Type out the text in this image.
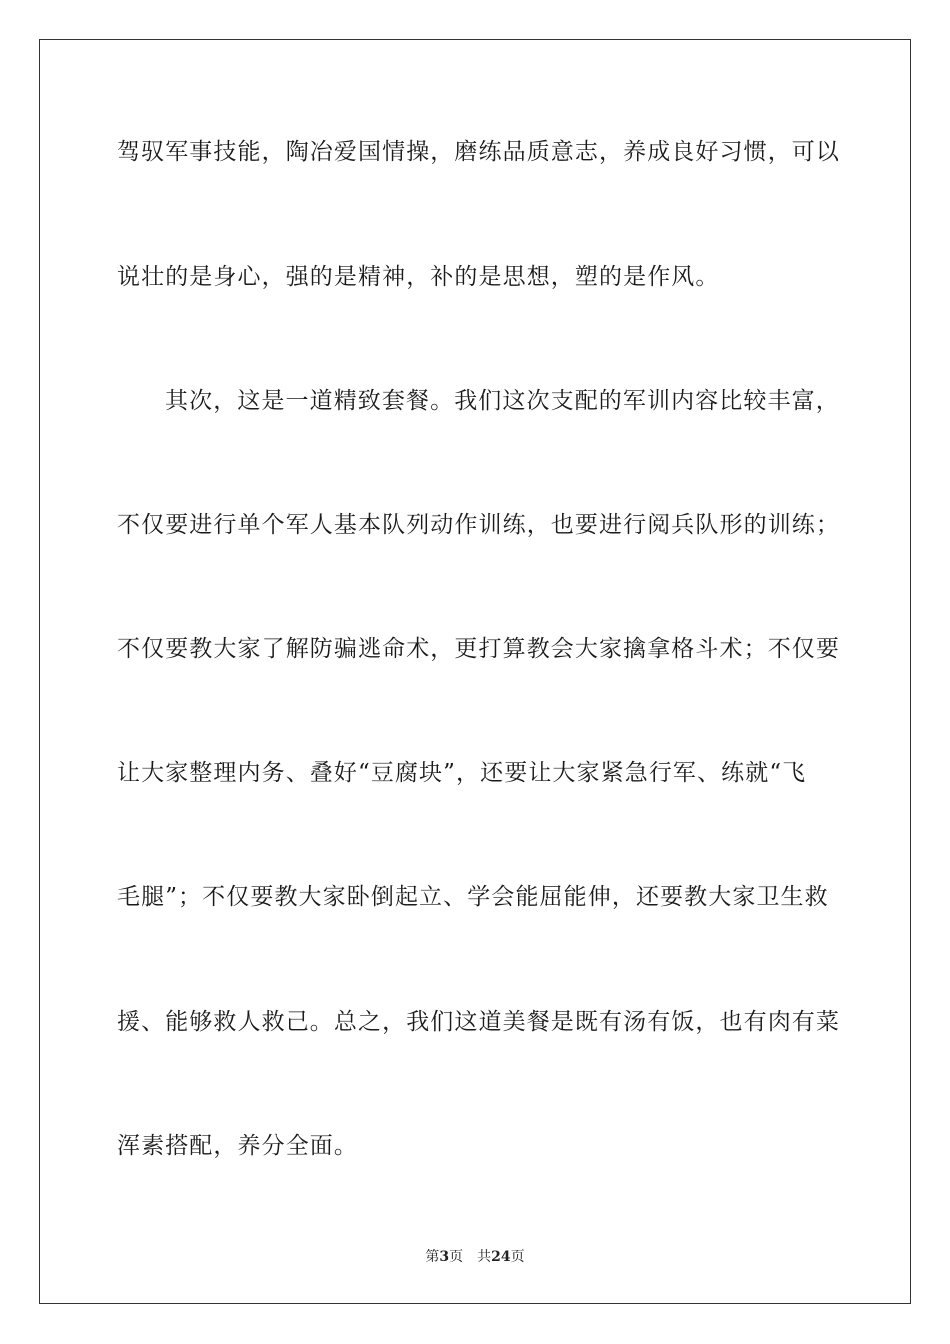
驾驭军事技能，陶冶爱国情操，磨练品质意志，养成良好习惯，可以
说壮的是身心，强的是精神，补的是思想，塑的是作风。
其次，这是一道精致套餐。我们这次支配的军训内容比较丰富，
不仅要进行单个军人基本队列动作训练，也要进行阅兵队形的训练；
不仅要教大家了解防骗逃命术，更打算教会大家擒拿格斗术；不仅要
让大家整理内务、叠好“豆腐块”，还要让大家紧急行军、练就“飞
毛腿”；不仅要教大家卧倒起立、学会能屈能伸，还要教大家卫生救
援、能够救人救己。总之，我们这道美餐是既有汤有饭，也有肉有菜
浑素搭配，养分全面。
第3页 共24页
